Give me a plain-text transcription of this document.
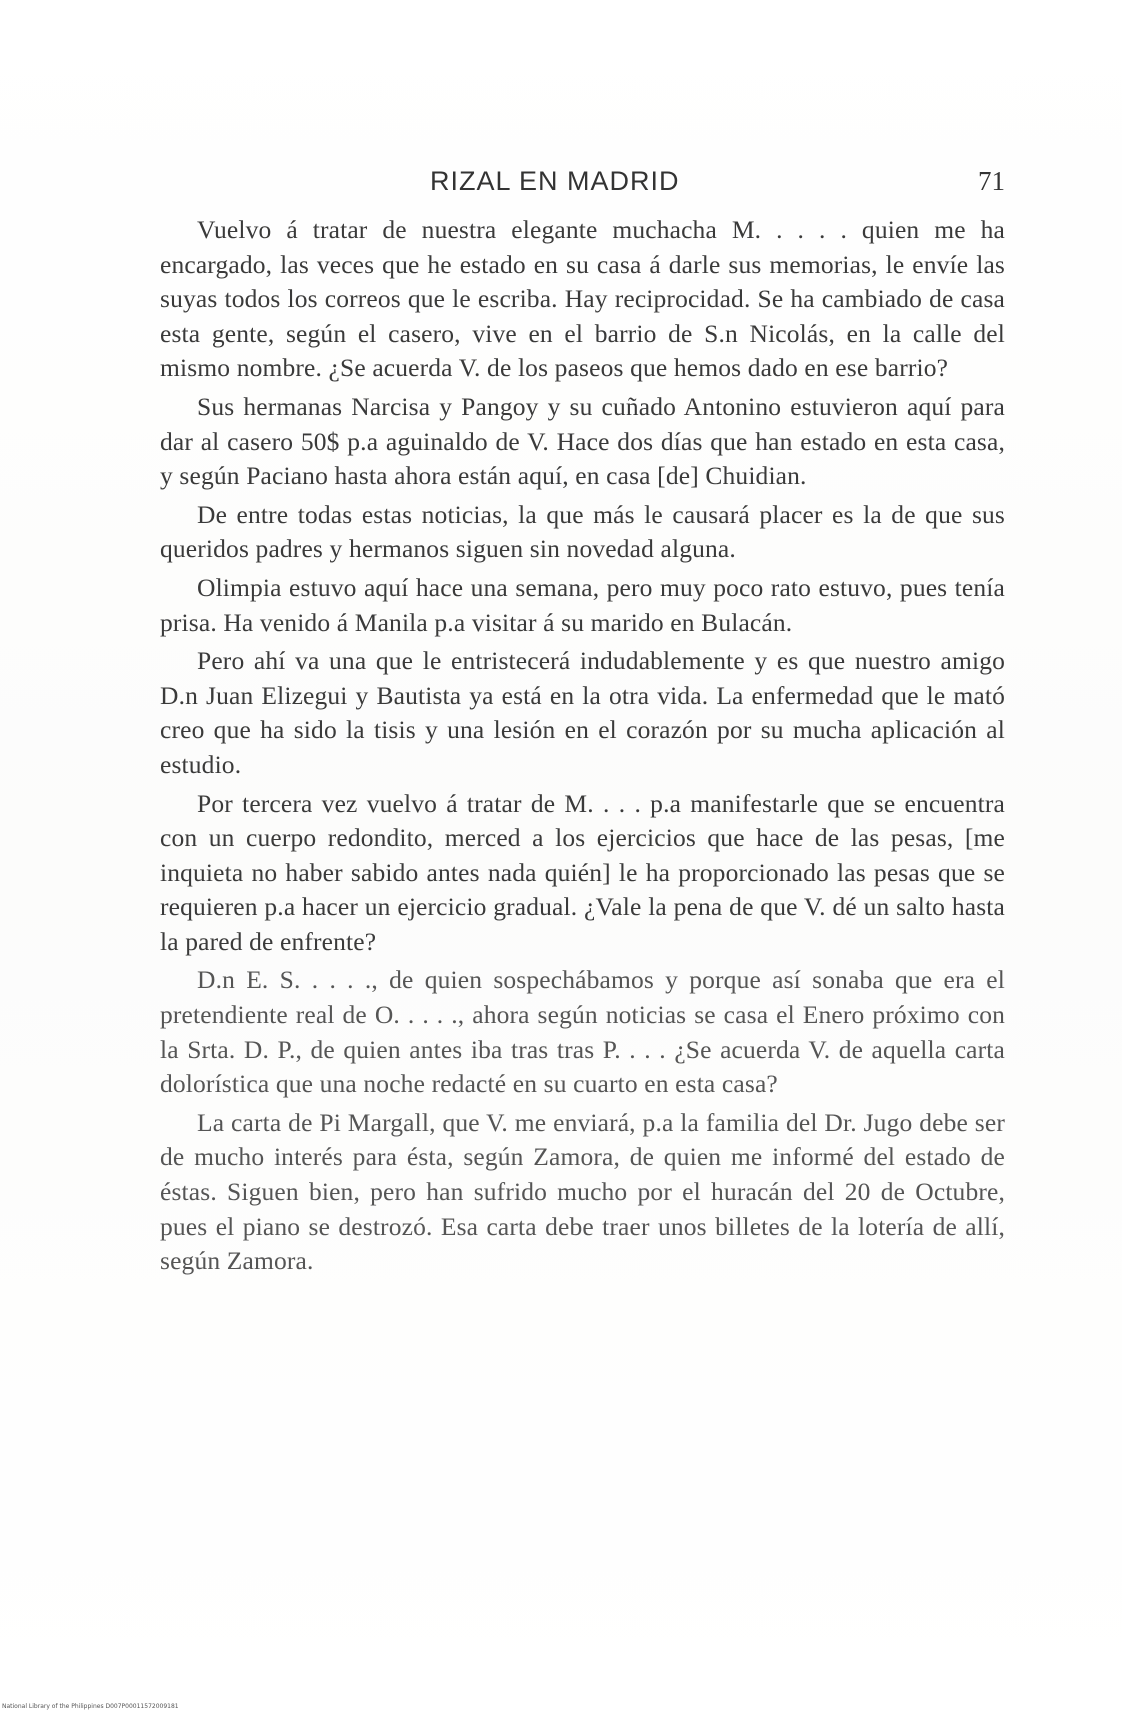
RIZAL EN MADRID	71

Vuelvo á tratar de nuestra elegante muchacha M. . . . . quien me ha encargado, las veces que he estado en su casa á darle sus memorias, le envíe las suyas todos los correos que le escriba. Hay reciprocidad. Se ha cambiado de casa esta gente, según el casero, vive en el barrio de S.n Nicolás, en la calle del mismo nombre. ¿Se acuerda V. de los paseos que hemos dado en ese barrio?

Sus hermanas Narcisa y Pangoy y su cuñado Antonino estuvieron aquí para dar al casero 50$ p.a aguinaldo de V. Hace dos días que han estado en esta casa, y según Paciano hasta ahora están aquí, en casa [de] Chuidian.

De entre todas estas noticias, la que más le causará placer es la de que sus queridos padres y hermanos siguen sin novedad alguna.

Olimpia estuvo aquí hace una semana, pero muy poco rato estuvo, pues tenía prisa. Ha venido á Manila p.a visitar á su marido en Bulacán.

Pero ahí va una que le entristecerá indudablemente y es que nuestro amigo D.n Juan Elizegui y Bautista ya está en la otra vida. La enfermedad que le mató creo que ha sido la tisis y una lesión en el corazón por su mucha aplicación al estudio.

Por tercera vez vuelvo á tratar de M. . . . p.a manifestarle que se encuentra con un cuerpo redondito, merced a los ejercicios que hace de las pesas, [me inquieta no haber sabido antes nada quién] le ha proporcionado las pesas que se requieren p.a hacer un ejercicio gradual. ¿Vale la pena de que V. dé un salto hasta la pared de enfrente?

D.n E. S. . . . ., de quien sospechábamos y porque así sonaba que era el pretendiente real de O. . . . ., ahora según noticias se casa el Enero próximo con la Srta. D. P., de quien antes iba tras tras P. . . . ¿Se acuerda V. de aquella carta dolorística que una noche redacté en su cuarto en esta casa?

La carta de Pi Margall, que V. me enviará, p.a la familia del Dr. Jugo debe ser de mucho interés para ésta, según Zamora, de quien me informé del estado de éstas. Siguen bien, pero han sufrido mucho por el huracán del 20 de Octubre, pues el piano se destrozó. Esa carta debe traer unos billetes de la lotería de allí, según Zamora.

National Library of the Philippines D007P00011572009181
